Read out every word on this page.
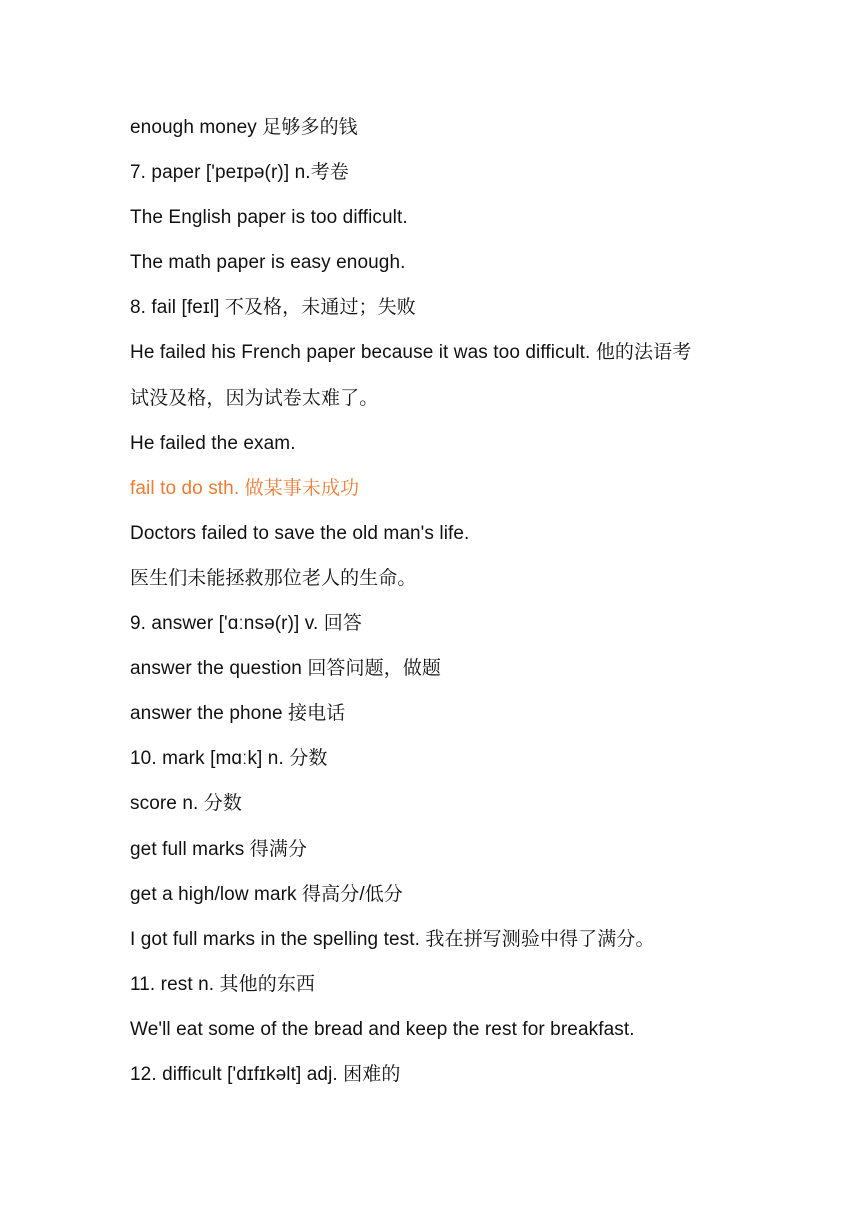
enough money 足够多的钱
7. paper ['peɪpə(r)] n.考卷
The English paper is too difficult.
The math paper is easy enough.
8. fail [feɪl] 不及格，未通过；失败
He failed his French paper because it was too difficult. 他的法语考
试没及格，因为试卷太难了。
He failed the exam.
fail to do sth. 做某事未成功
Doctors failed to save the old man's life.
医生们未能拯救那位老人的生命。
9. answer ['ɑːnsə(r)] v. 回答
answer the question 回答问题，做题
answer the phone 接电话
10. mark [mɑːk] n. 分数
score n. 分数
get full marks 得满分
get a high/low mark 得高分/低分
I got full marks in the spelling test. 我在拼写测验中得了满分。
11. rest n. 其他的东西
We'll eat some of the bread and keep the rest for breakfast.
12. difficult ['dɪfɪkəlt] adj. 困难的
